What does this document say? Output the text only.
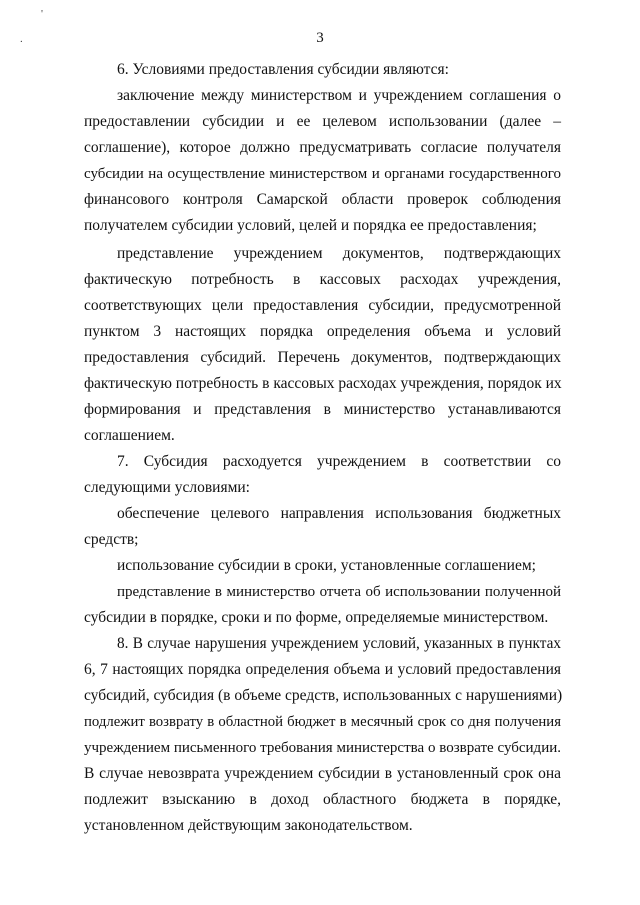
'
.	3
6. Условиями предоставления субсидии являются:
заключение между министерством и учреждением соглашения о
предоставлении субсидии и ее целевом использовании (далее –
соглашение), которое должно предусматривать согласие получателя
субсидии на осуществление министерством и органами государственного
финансового контроля Самарской области проверок соблюдения
получателем субсидии условий, целей и порядка ее предоставления;
представление учреждением документов, подтверждающих
фактическую потребность в кассовых расходах учреждения,
соответствующих цели предоставления субсидии, предусмотренной
пунктом 3 настоящих порядка определения объема и условий
предоставления субсидий. Перечень документов, подтверждающих
фактическую потребность в кассовых расходах учреждения, порядок их
формирования и представления в министерство устанавливаются
соглашением.
7. Субсидия расходуется учреждением в соответствии со
следующими условиями:
обеспечение целевого направления использования бюджетных
средств;
использование субсидии в сроки, установленные соглашением;
представление в министерство отчета об использовании полученной
субсидии в порядке, сроки и по форме, определяемые министерством.
8. В случае нарушения учреждением условий, указанных в пунктах
6, 7 настоящих порядка определения объема и условий предоставления
субсидий, субсидия (в объеме средств, использованных с нарушениями)
подлежит возврату в областной бюджет в месячный срок со дня получения
учреждением письменного требования министерства о возврате субсидии.
В случае невозврата учреждением субсидии в установленный срок она
подлежит взысканию в доход областного бюджета в порядке,
установленном действующим законодательством.
